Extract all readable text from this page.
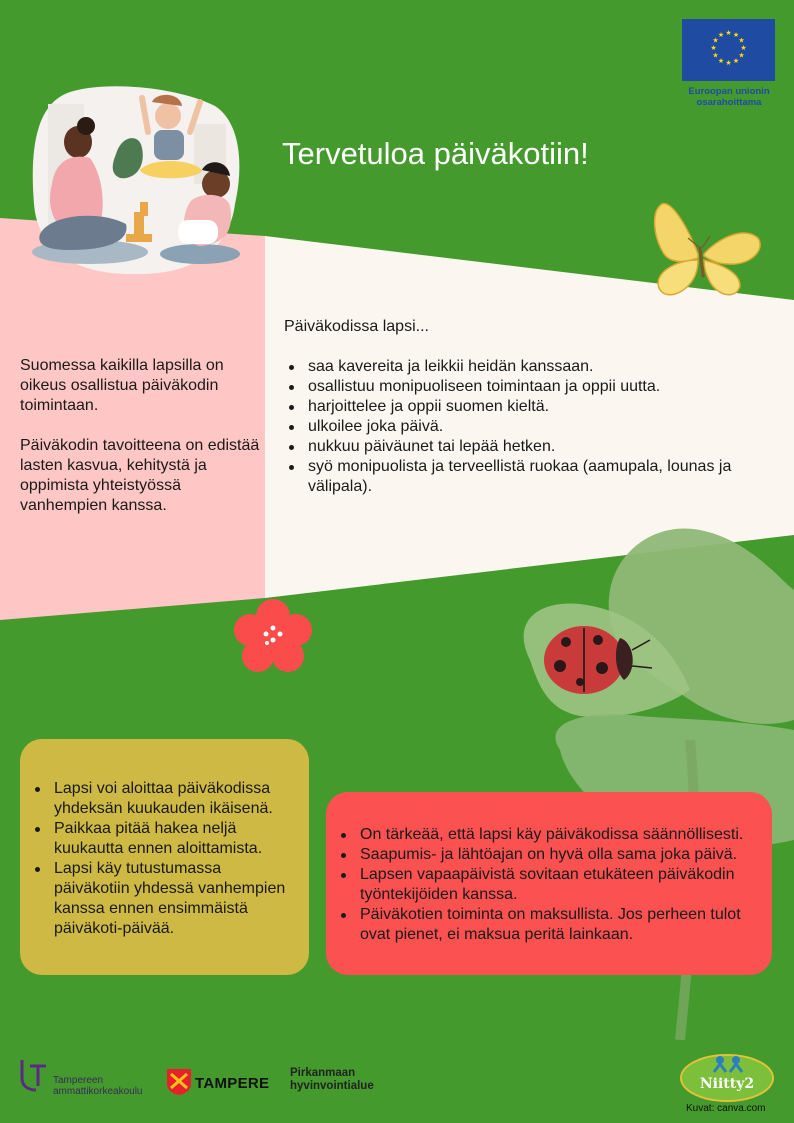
★ ★
★
★
★
★
★
★
★
★
★
★
Euroopan unionin
osarahoittama
Tervetuloa päiväkotiin!

Suomessa kaikilla lapsilla on oikeus osallistua päiväkodin toimintaan.

Päiväkodin tavoitteena on edistää lasten kasvua, kehitystä ja oppimista yhteistyössä vanhempien kanssa.

Päiväkodissa lapsi...

saa kavereita ja leikkii heidän kanssaan.
osallistuu monipuoliseen toimintaan ja oppii uutta.
harjoittelee ja oppii suomen kieltä.
ulkoilee joka päivä.
nukkuu päiväunet tai lepää hetken.
syö monipuolista ja terveellistä ruokaa (aamupala, lounas ja välipala).
Lapsi voi aloittaa päiväkodissa yhdeksän kuukauden ikäisenä.
Paikkaa pitää hakea neljä kuukautta ennen aloittamista.
Lapsi käy tutustumassa päiväkotiin yhdessä vanhempien kanssa ennen ensimmäistä päiväkoti-päivää.
On tärkeää, että lapsi käy päiväkodissa säännöllisesti.
Saapumis- ja lähtöajan on hyvä olla sama joka päivä.
Lapsen vapaapäivistä sovitaan etukäteen päiväkodin työntekijöiden kanssa.
Päiväkotien toiminta on maksullista. Jos perheen tulot ovat pienet, ei maksua peritä lainkaan.
Tampereen
ammattikorkeakoulu	TAMPERE
Pirkanmaan
hyvinvointialue	Niitty2
Kuvat: canva.com
